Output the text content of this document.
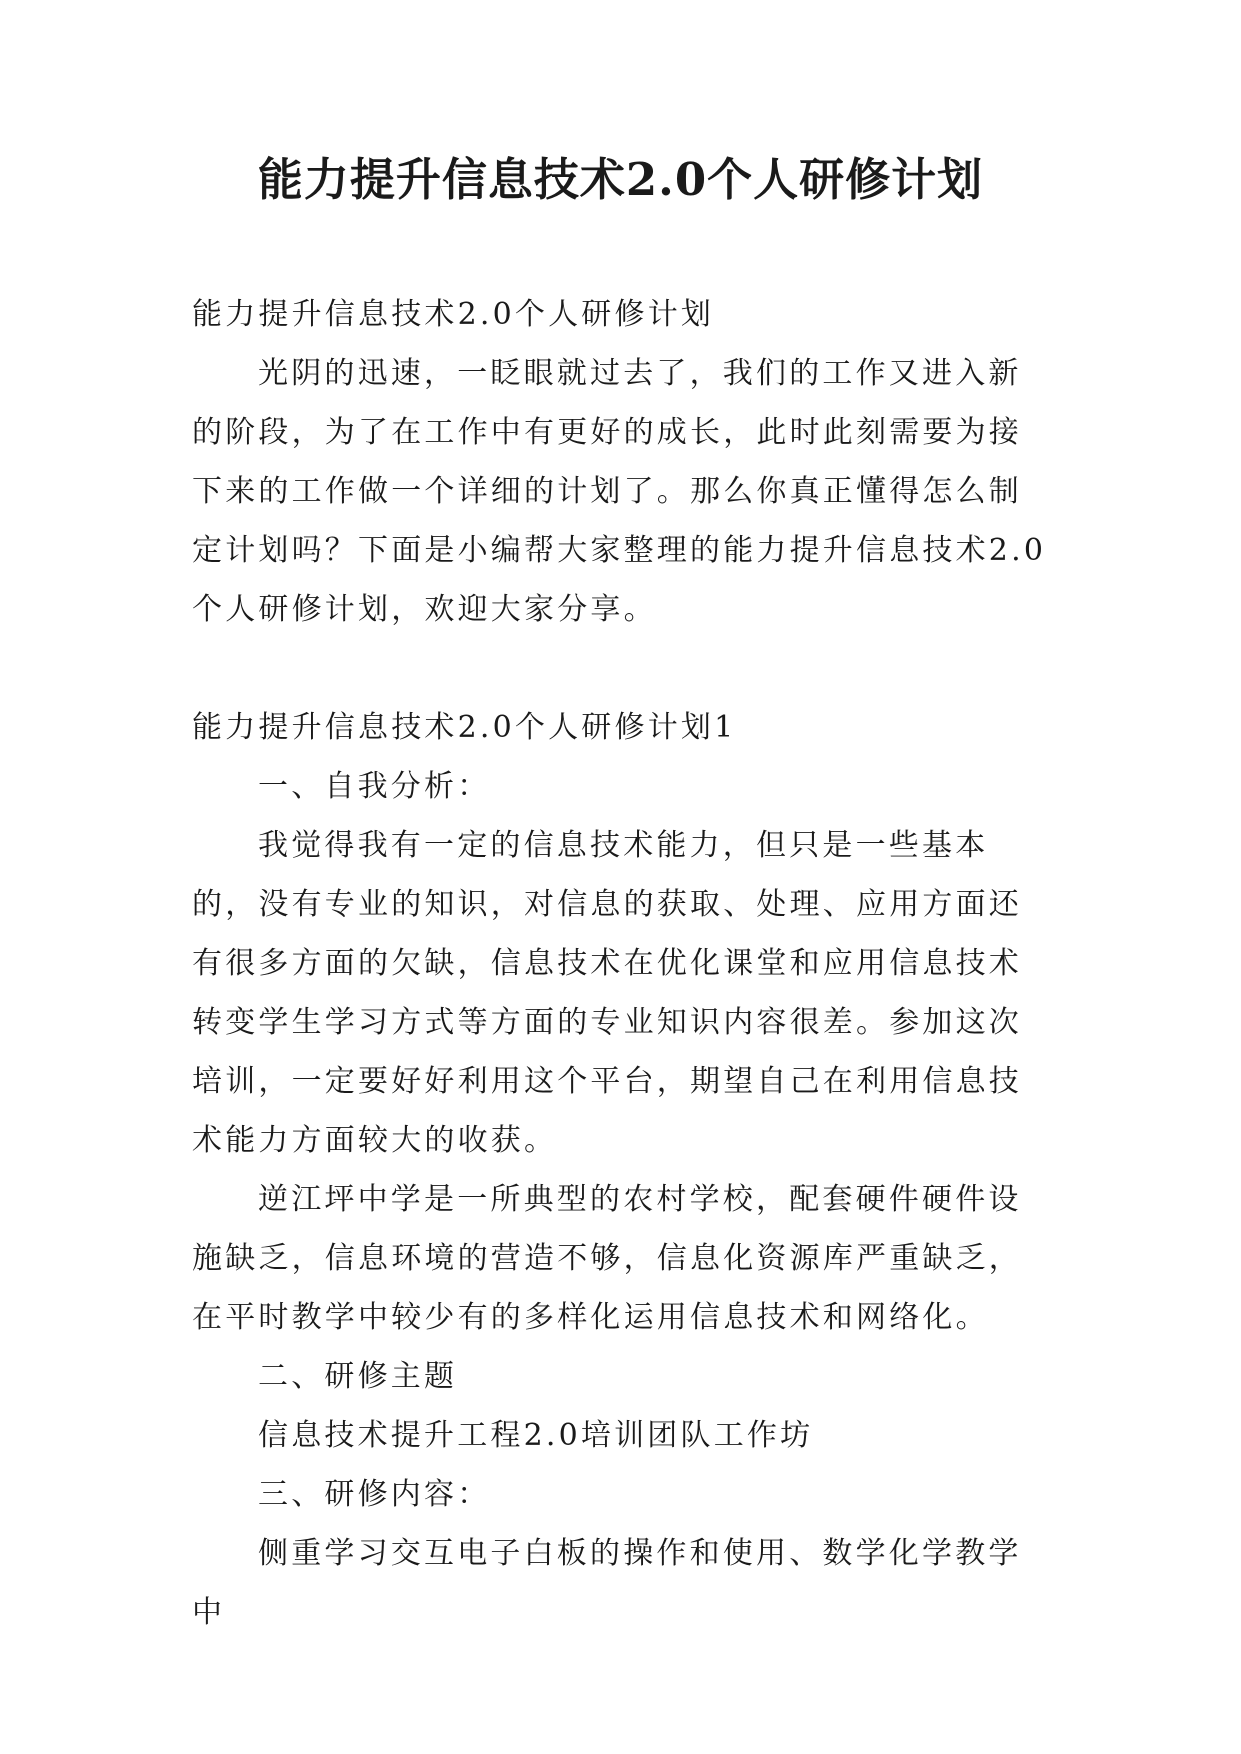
能力提升信息技术2.0个人研修计划

能力提升信息技术2.0个人研修计划

光阴的迅速，一眨眼就过去了，我们的工作又进入新的阶段，为了在工作中有更好的成长，此时此刻需要为接下来的工作做一个详细的计划了。那么你真正懂得怎么制定计划吗？下面是小编帮大家整理的能力提升信息技术2.0个人研修计划，欢迎大家分享。

能力提升信息技术2.0个人研修计划1

一、自我分析：

我觉得我有一定的信息技术能力，但只是一些基本的，没有专业的知识，对信息的获取、处理、应用方面还有很多方面的欠缺，信息技术在优化课堂和应用信息技术转变学生学习方式等方面的专业知识内容很差。参加这次培训，一定要好好利用这个平台，期望自己在利用信息技术能力方面较大的收获。

逆江坪中学是一所典型的农村学校，配套硬件硬件设施缺乏，信息环境的营造不够，信息化资源库严重缺乏，在平时教学中较少有的多样化运用信息技术和网络化。

二、研修主题

信息技术提升工程2.0培训团队工作坊

三、研修内容：

侧重学习交互电子白板的操作和使用、数学化学教学中
